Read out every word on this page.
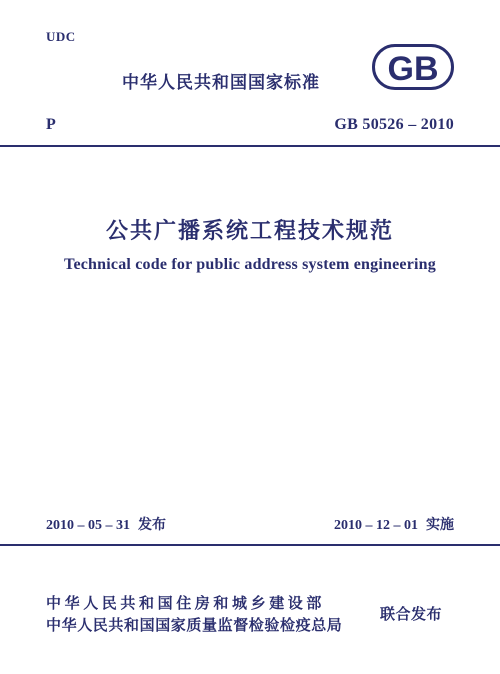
UDC
中华人民共和国国家标准 GB
P	GB 50526 – 2010
公共广播系统工程技术规范
Technical code for public address system engineering
2010 – 05 – 31 发布	2010 – 12 – 01 实施
中华人民共和国住房和城乡建设部
中华人民共和国国家质量监督检验检疫总局
联合发布
